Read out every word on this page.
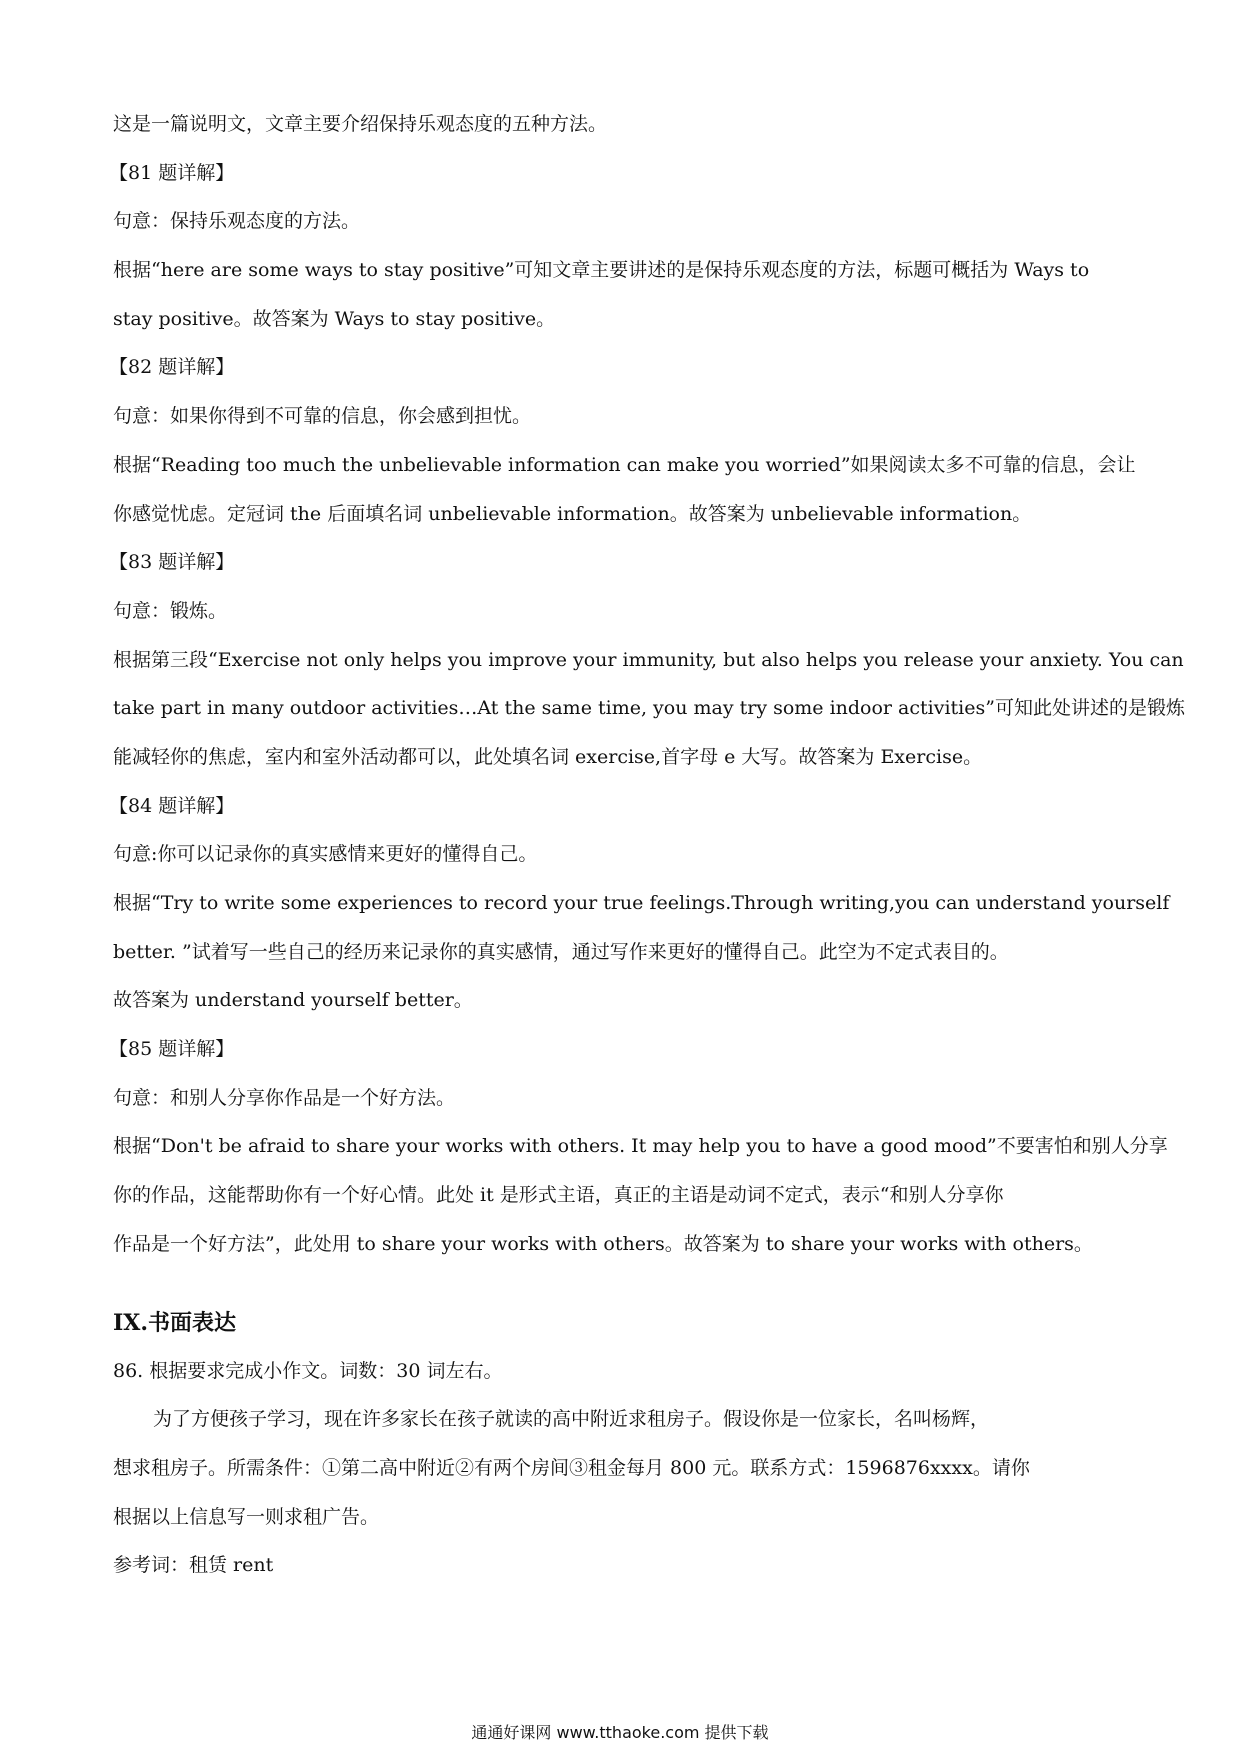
这是一篇说明文，文章主要介绍保持乐观态度的五种方法。
【81 题详解】
句意：保持乐观态度的方法。
根据“here are some ways to stay positive”可知文章主要讲述的是保持乐观态度的方法，标题可概括为 Ways to
stay positive。故答案为 Ways to stay positive。
【82 题详解】
句意：如果你得到不可靠的信息，你会感到担忧。
根据“Reading too much the unbelievable information can make you worried”如果阅读太多不可靠的信息，会让
你感觉忧虑。定冠词 the 后面填名词 unbelievable information。故答案为 unbelievable information。
【83 题详解】
句意：锻炼。
根据第三段“Exercise not only helps you improve your immunity, but also helps you release your anxiety. You can
take part in many outdoor activities…At the same time, you may try some indoor activities”可知此处讲述的是锻炼
能减轻你的焦虑，室内和室外活动都可以，此处填名词 exercise,首字母 e 大写。故答案为 Exercise。
【84 题详解】
句意:你可以记录你的真实感情来更好的懂得自己。
根据“Try to write some experiences to record your true feelings.Through writing,you can understand yourself
better. ”试着写一些自己的经历来记录你的真实感情，通过写作来更好的懂得自己。此空为不定式表目的。
故答案为 understand yourself better。
【85 题详解】
句意：和别人分享你作品是一个好方法。
根据“Don't be afraid to share your works with others. It may help you to have a good mood”不要害怕和别人分享
你的作品，这能帮助你有一个好心情。此处 it 是形式主语，真正的主语是动词不定式，表示“和别人分享你
作品是一个好方法”，此处用 to share your works with others。故答案为 to share your works with others。
IX.书面表达
86. 根据要求完成小作文。词数：30 词左右。
为了方便孩子学习，现在许多家长在孩子就读的高中附近求租房子。假设你是一位家长，名叫杨辉，
想求租房子。所需条件：①第二高中附近②有两个房间③租金每月 800 元。联系方式：1596876xxxx。请你
根据以上信息写一则求租广告。
参考词：租赁 rent
通通好课网 www.tthaoke.com 提供下载
